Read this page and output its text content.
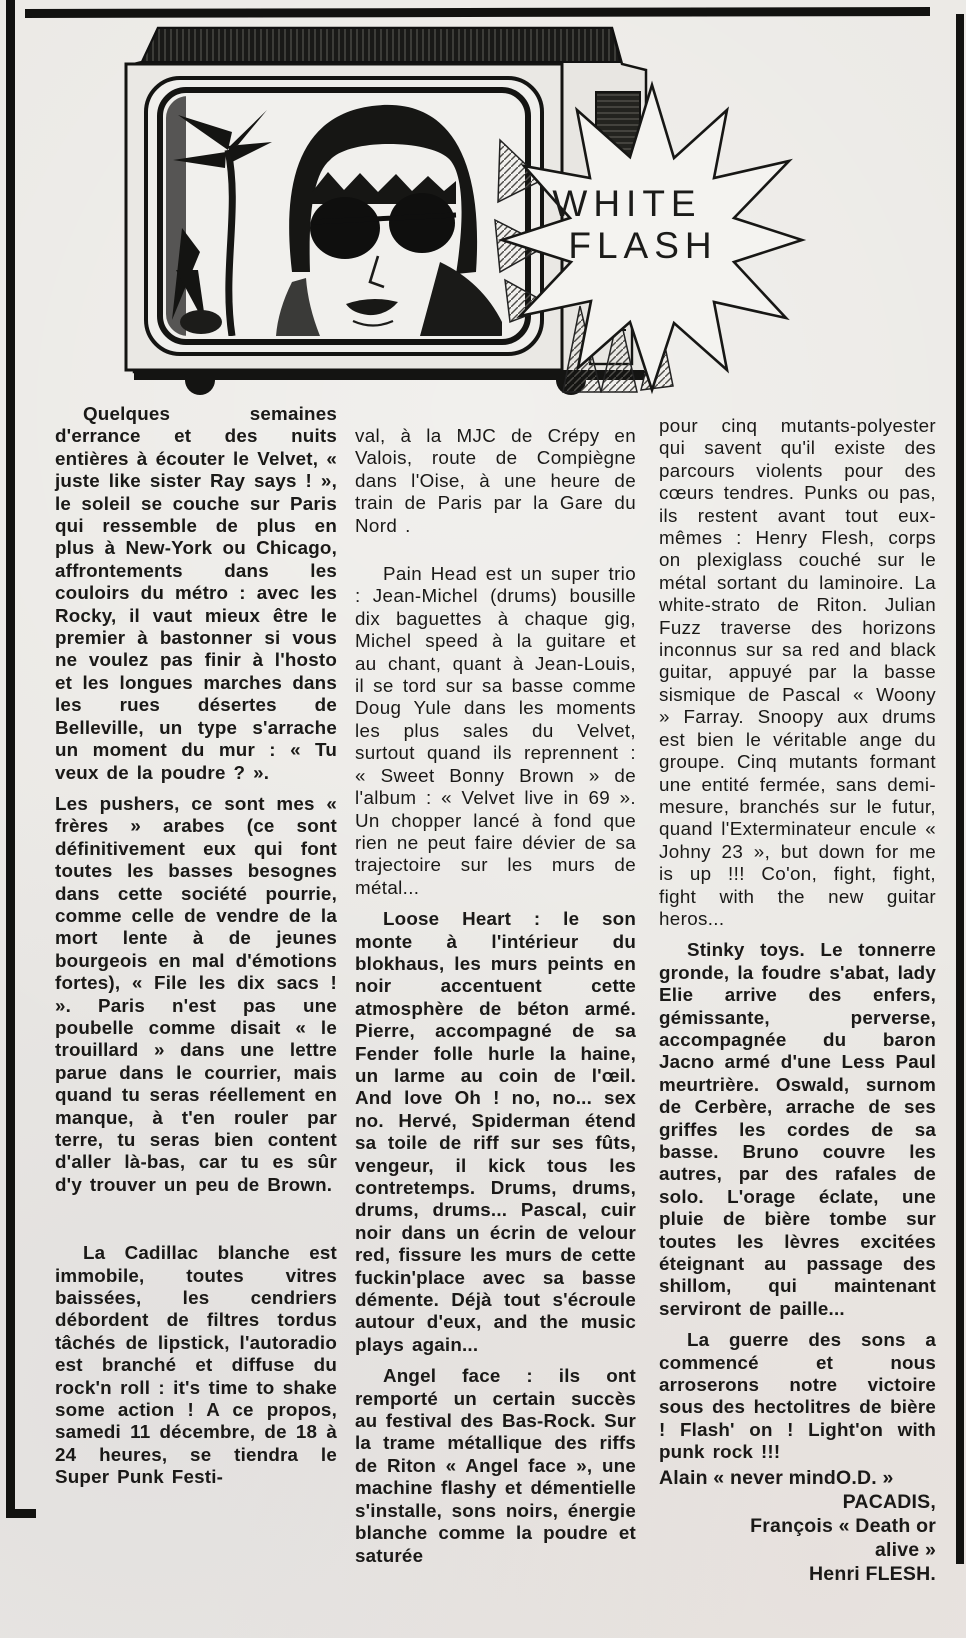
WHITE
FLASH

Quelques semaines d'errance et des nuits entières à écouter le Velvet, « juste like sister Ray says ! », le soleil se couche sur Paris qui ressemble de plus en plus à New-York ou Chicago, affrontements dans les couloirs du métro : avec les Rocky, il vaut mieux être le premier à bastonner si vous ne voulez pas finir à l'hosto et les longues marches dans les rues désertes de Belleville, un type s'arrache un moment du mur : « Tu veux de la poudre ? ».

Les pushers, ce sont mes « frères » arabes (ce sont définitivement eux qui font toutes les basses besognes dans cette société pourrie, comme celle de vendre de la mort lente à de jeunes bourgeois en mal d'émotions fortes), « File les dix sacs ! ». Paris n'est pas une poubelle comme disait « le trouillard » dans une lettre parue dans le courrier, mais quand tu seras réellement en manque, à t'en rouler par terre, tu seras bien content d'aller là-bas, car tu es sûr d'y trouver un peu de Brown.

La Cadillac blanche est immobile, toutes vitres baissées, les cendriers débordent de filtres tordus tâchés de lipstick, l'autoradio est branché et diffuse du rock'n roll : it's time to shake some action ! A ce propos, samedi 11 décembre, de 18 à 24 heures, se tiendra le Super Punk Festi-

val, à la MJC de Crépy en Valois, route de Compiègne dans l'Oise, à une heure de train de Paris par la Gare du Nord .

Pain Head est un super trio : Jean-Michel (drums) bousille dix baguettes à chaque gig, Michel speed à la guitare et au chant, quant à Jean-Louis, il se tord sur sa basse comme Doug Yule dans les moments les plus sales du Velvet, surtout quand ils reprennent : « Sweet Bonny Brown » de l'album : « Velvet live in 69 ». Un chopper lancé à fond que rien ne peut faire dévier de sa trajectoire sur les murs de métal...

Loose Heart : le son monte à l'intérieur du blokhaus, les murs peints en noir accentuent cette atmosphère de béton armé. Pierre, accompagné de sa Fender folle hurle la haine, un larme au coin de l'œil. And love Oh ! no, no... sex no. Hervé, Spiderman étend sa toile de riff sur ses fûts, vengeur, il kick tous les contretemps. Drums, drums, drums, drums... Pascal, cuir noir dans un écrin de velour red, fissure les murs de cette fuckin'place avec sa basse démente. Déjà tout s'écroule autour d'eux, and the music plays again...

Angel face : ils ont remporté un certain succès au festival des Bas-Rock. Sur la trame métallique des riffs de Riton « Angel face », une machine flashy et démentielle s'installe, sons noirs, énergie blanche comme la poudre et saturée

pour cinq mutants-polyester qui savent qu'il existe des parcours violents pour des cœurs tendres. Punks ou pas, ils restent avant tout eux-mêmes : Henry Flesh, corps on plexiglass couché sur le métal sortant du laminoire. La white-strato de Riton. Julian Fuzz traverse des horizons inconnus sur sa red and black guitar, appuyé par la basse sismique de Pascal « Woony » Farray. Snoopy aux drums est bien le véritable ange du groupe. Cinq mutants formant une entité fermée, sans demi-mesure, branchés sur le futur, quand l'Exterminateur encule « Johny 23 », but down for me is up !!! Co'on, fight, fight, fight with the new guitar heros...

Stinky toys. Le tonnerre gronde, la foudre s'abat, lady Elie arrive des enfers, gémissante, perverse, accompagnée du baron Jacno armé d'une Less Paul meurtrière. Oswald, surnom de Cerbère, arrache de ses griffes les cordes de sa basse. Bruno couvre les autres, par des rafales de solo. L'orage éclate, une pluie de bière tombe sur toutes les lèvres excitées éteignant au passage des shillom, qui maintenant serviront de paille...

La guerre des sons a commencé et nous arroserons notre victoire sous des hectolitres de bière ! Flash' on ! Light'on with punk rock !!!

Alain « never mindO.D. »

PACADIS,

François « Death or

alive »

Henri FLESH.
